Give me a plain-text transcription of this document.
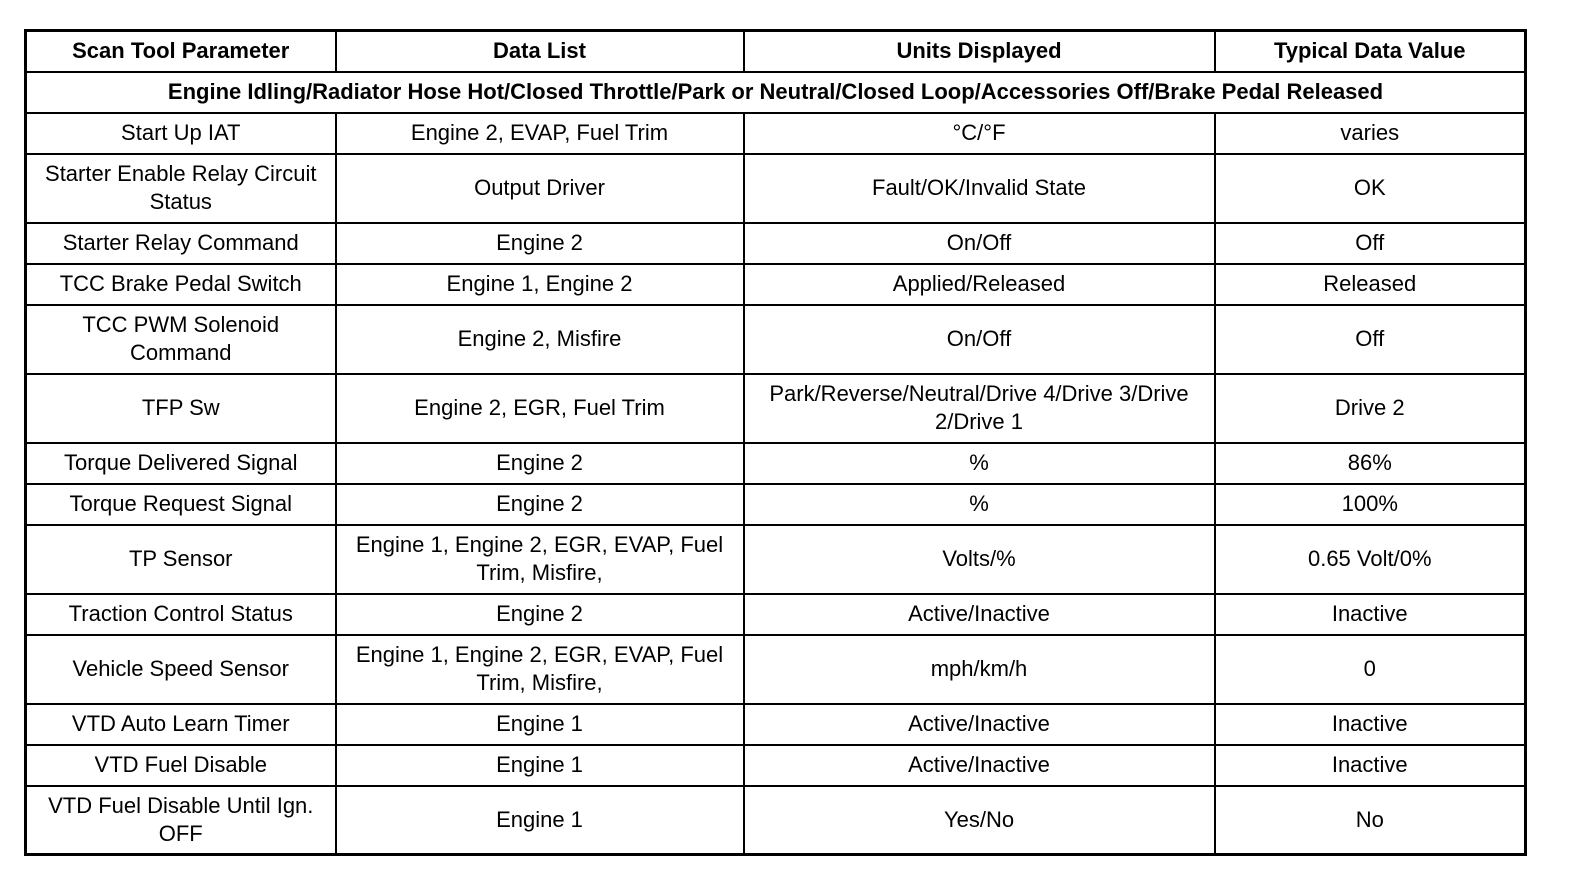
Scan Tool Parameter	Data List	Units Displayed	Typical Data Value
Engine Idling/Radiator Hose Hot/Closed Throttle/Park or Neutral/Closed Loop/Accessories Off/Brake Pedal Released			
Start Up IAT	Engine 2, EVAP, Fuel Trim	°C/°F	varies
Starter Enable Relay Circuit Status	Output Driver	Fault/OK/Invalid State	OK
Starter Relay Command	Engine 2	On/Off	Off
TCC Brake Pedal Switch	Engine 1, Engine 2	Applied/Released	Released
TCC PWM Solenoid Command	Engine 2, Misfire	On/Off	Off
TFP Sw	Engine 2, EGR, Fuel Trim	Park/Reverse/Neutral/Drive 4/Drive 3/Drive 2/Drive 1	Drive 2
Torque Delivered Signal	Engine 2	%	86%
Torque Request Signal	Engine 2	%	100%
TP Sensor	Engine 1, Engine 2, EGR, EVAP, Fuel Trim, Misfire,	Volts/%	0.65 Volt/0%
Traction Control Status	Engine 2	Active/Inactive	Inactive
Vehicle Speed Sensor	Engine 1, Engine 2, EGR, EVAP, Fuel Trim, Misfire,	mph/km/h	0
VTD Auto Learn Timer	Engine 1	Active/Inactive	Inactive
VTD Fuel Disable	Engine 1	Active/Inactive	Inactive
VTD Fuel Disable Until Ign. OFF	Engine 1	Yes/No	No
